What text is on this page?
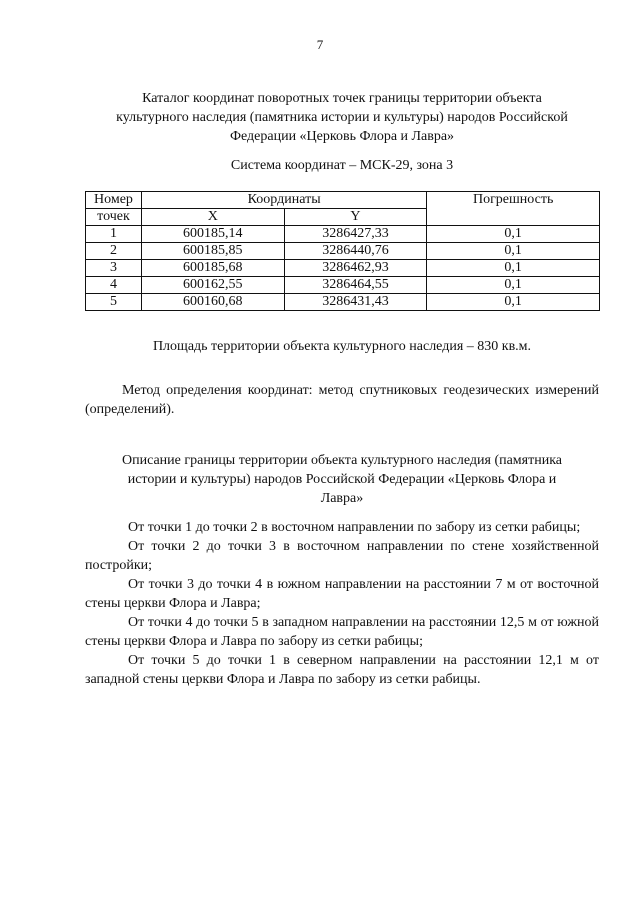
7
Каталог координат поворотных точек границы территории объекта
культурного наследия (памятника истории и культуры) народов Российской
Федерации «Церковь Флора и Лавра»
Система координат – МСК-29, зона 3
Номер	Координаты		Погрешность
точек	X	Y	
1	600185,14	3286427,33	0,1
2	600185,85	3286440,76	0,1
3	600185,68	3286462,93	0,1
4	600162,55	3286464,55	0,1
5	600160,68	3286431,43	0,1
Площадь территории объекта культурного наследия – 830 кв.м.
Метод определения координат: метод спутниковых геодезических измерений (определений).
Описание границы территории объекта культурного наследия (памятника
истории и культуры) народов Российской Федерации «Церковь Флора и
Лавра»

От точки 1 до точки 2 в восточном направлении по забору из сетки рабицы;

От точки 2 до точки 3 в восточном направлении по стене хозяйственной постройки;

От точки 3 до точки 4 в южном направлении на расстоянии 7 м от восточной стены церкви Флора и Лавра;

От точки 4 до точки 5 в западном направлении на расстоянии 12,5 м от южной стены церкви Флора и Лавра по забору из сетки рабицы;

От точки 5 до точки 1 в северном направлении на расстоянии 12,1 м от западной стены церкви Флора и Лавра по забору из сетки рабицы.
